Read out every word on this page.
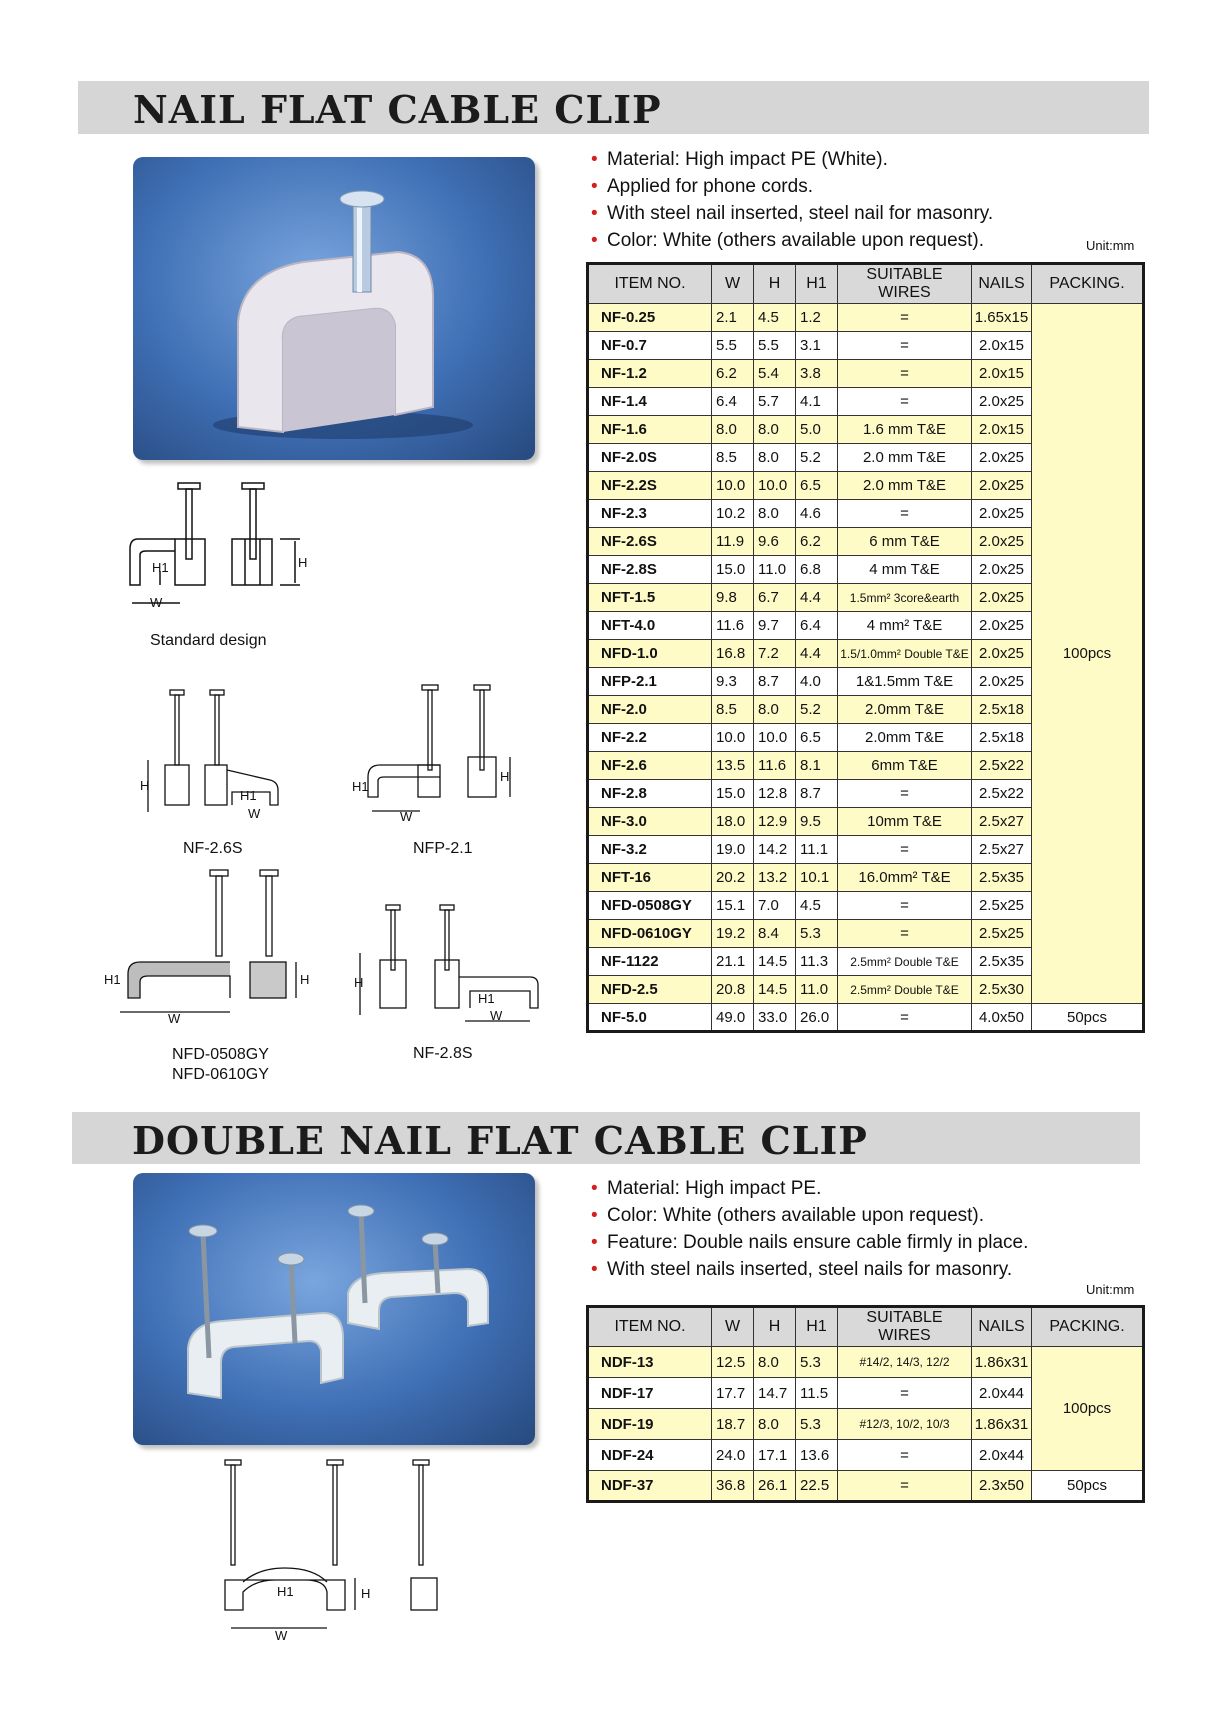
NAIL FLAT CABLE CLIP
• Material: High impact PE (White).
• Applied for phone cords.
• With steel nail inserted, steel nail for masonry.
• Color: White (others available upon request).	Unit:mm
ITEM NO.	W	H	H1	SUITABLE WIRES	NAILS	PACKING.
NF-0.25	2.1	4.5	1.2	=	1.65x15	100pcs
NF-0.7	5.5	5.5	3.1	=	2.0x15	
NF-1.2	6.2	5.4	3.8	=	2.0x15	
NF-1.4	6.4	5.7	4.1	=	2.0x25	
NF-1.6	8.0	8.0	5.0	1.6 mm T&E	2.0x15	
NF-2.0S	8.5	8.0	5.2	2.0 mm T&E	2.0x25	
NF-2.2S	10.0	10.0	6.5	2.0 mm T&E	2.0x25	
NF-2.3	10.2	8.0	4.6	=	2.0x25	
NF-2.6S	11.9	9.6	6.2	6 mm T&E	2.0x25	
NF-2.8S	15.0	11.0	6.8	4 mm T&E	2.0x25	
NFT-1.5	9.8	6.7	4.4	1.5mm² 3core&earth	2.0x25	
NFT-4.0	11.6	9.7	6.4	4 mm² T&E	2.0x25	
NFD-1.0	16.8	7.2	4.4	1.5/1.0mm² Double T&E	2.0x25	
NFP-2.1	9.3	8.7	4.0	1&1.5mm T&E	2.0x25	
NF-2.0	8.5	8.0	5.2	2.0mm T&E	2.5x18	
NF-2.2	10.0	10.0	6.5	2.0mm T&E	2.5x18	
NF-2.6	13.5	11.6	8.1	6mm T&E	2.5x22	
NF-2.8	15.0	12.8	8.7	=	2.5x22	
NF-3.0	18.0	12.9	9.5	10mm T&E	2.5x27	
NF-3.2	19.0	14.2	11.1	=	2.5x27	
NFT-16	20.2	13.2	10.1	16.0mm² T&E	2.5x35	
NFD-0508GY	15.1	7.0	4.5	=	2.5x25	
NFD-0610GY	19.2	8.4	5.3	=	2.5x25	
NF-1122	21.1	14.5	11.3	2.5mm² Double T&E	2.5x35	
NFD-2.5	20.8	14.5	11.0	2.5mm² Double T&E	2.5x30	
NF-5.0	49.0	33.0	26.0	=	4.0x50	50pcs
H1
W
H
Standard design
H
H1
W
NF-2.6S
H1
H
W
NFP-2.1
H1
W
H
NFD-0508GY
NFD-0610GY
H
H1
W
NF-2.8S
DOUBLE NAIL FLAT CABLE CLIP
• Material: High impact PE.
• Color: White (others available upon request).
• Feature: Double nails ensure cable firmly in place.
• With steel nails inserted, steel nails for masonry.
Unit:mm
ITEM NO.	W	H	H1	SUITABLE WIRES	NAILS	PACKING.
NDF-13	12.5	8.0	5.3	#14/2, 14/3, 12/2	1.86x31	100pcs
NDF-17	17.7	14.7	11.5	=	2.0x44	
NDF-19	18.7	8.0	5.3	#12/3, 10/2, 10/3	1.86x31	
NDF-24	24.0	17.1	13.6	=	2.0x44	
NDF-37	36.8	26.1	22.5	=	2.3x50	50pcs
H1	H
W
